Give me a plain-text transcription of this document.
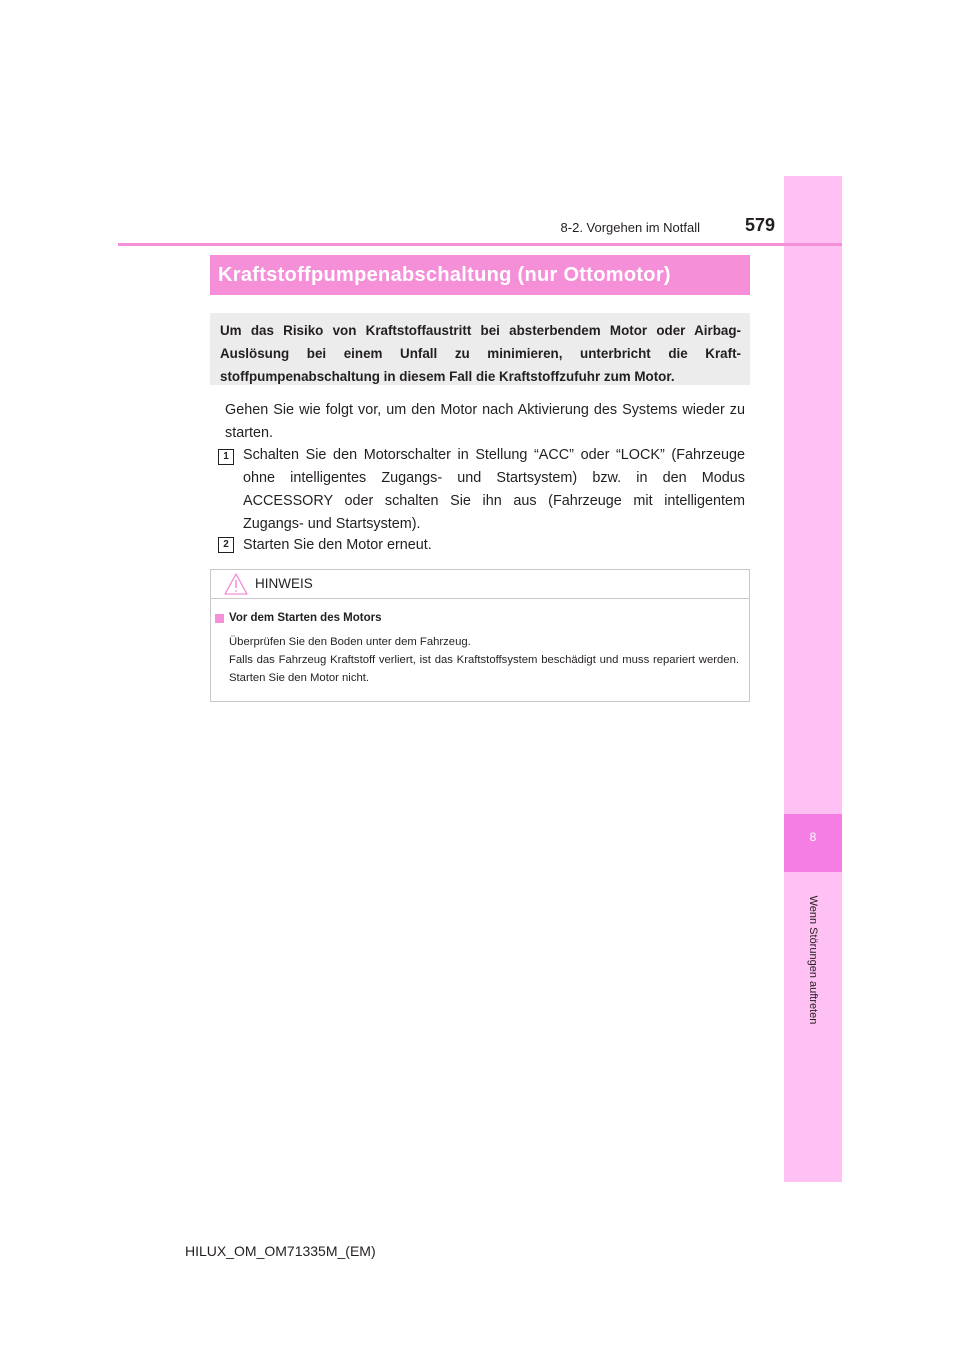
8
Wenn Störungen auftreten
8-2. Vorgehen im Notfall	579
Kraftstoffpumpenabschaltung (nur Ottomotor)
Um das Risiko von Kraftstoffaustritt bei absterbendem Motor oder Airbag-Auslösung bei einem Unfall zu minimieren, unterbricht die Kraftstoffpumpenabschaltung in diesem Fall die Kraftstoffzufuhr zum Motor.
Gehen Sie wie folgt vor, um den Motor nach Aktivierung des Systems wieder zu starten.
1 Schalten Sie den Motorschalter in Stellung “ACC” oder “LOCK” (Fahrzeuge ohne intelligentes Zugangs- und Startsystem) bzw. in den Modus ACCESSORY oder schalten Sie ihn aus (Fahrzeuge mit intelligentem Zugangs- und Startsystem).
2 Starten Sie den Motor erneut.
HINWEIS
Vor dem Starten des Motors
Überprüfen Sie den Boden unter dem Fahrzeug.
Falls das Fahrzeug Kraftstoff verliert, ist das Kraftstoffsystem beschädigt und muss repariert werden. Starten Sie den Motor nicht.
HILUX_OM_OM71335M_(EM)
